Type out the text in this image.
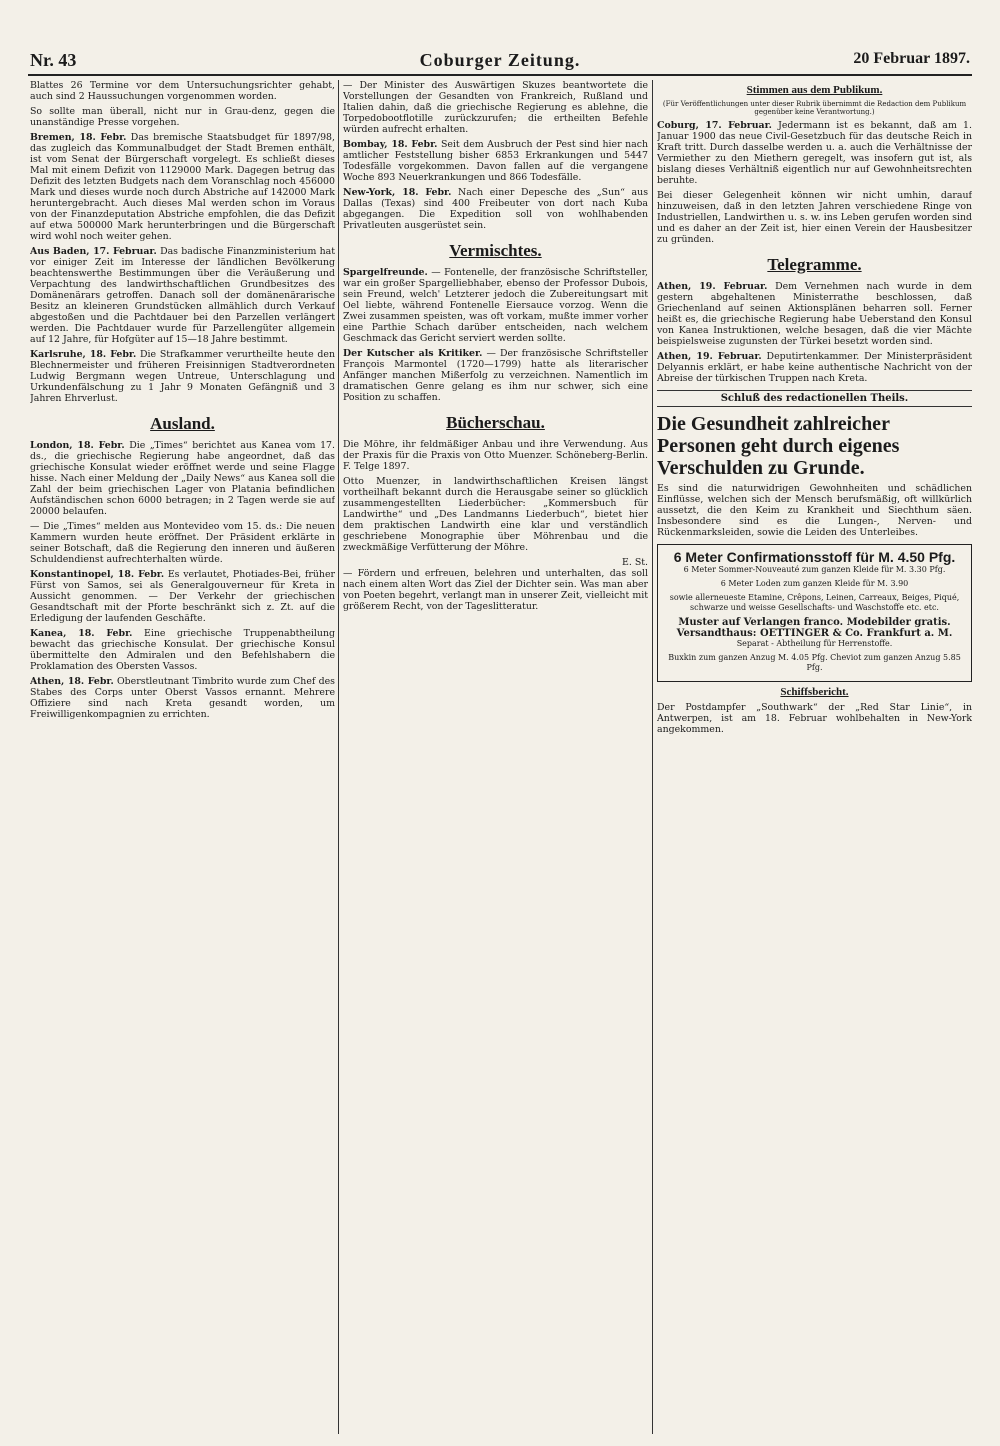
Nr. 43	Coburger Zeitung.	20 Februar 1897.

Blattes 26 Termine vor dem Untersuchungsrichter gehabt, auch sind 2 Haussuchungen vorgenommen worden.

So sollte man überall, nicht nur in Grau-denz, gegen die unanständige Presse vorgehen.

Bremen, 18. Febr. Das bremische Staatsbudget für 1897/98, das zugleich das Kommunalbudget der Stadt Bremen enthält, ist vom Senat der Bürgerschaft vorgelegt. Es schließt dieses Mal mit einem Defizit von 1129000 Mark. Dagegen betrug das Defizit des letzten Budgets nach dem Voranschlag noch 456000 Mark und dieses wurde noch durch Abstriche auf 142000 Mark heruntergebracht. Auch dieses Mal werden schon im Voraus von der Finanzdeputation Abstriche empfohlen, die das Defizit auf etwa 500000 Mark herunterbringen und die Bürgerschaft wird wohl noch weiter gehen.

Aus Baden, 17. Februar. Das badische Finanzministerium hat vor einiger Zeit im Interesse der ländlichen Bevölkerung beachtenswerthe Bestimmungen über die Veräußerung und Verpachtung des landwirthschaftlichen Grundbesitzes des Domänenärars getroffen. Danach soll der domänenärarische Besitz an kleineren Grundstücken allmählich durch Verkauf abgestoßen und die Pachtdauer bei den Parzellen verlängert werden. Die Pachtdauer wurde für Parzellengüter allgemein auf 12 Jahre, für Hofgüter auf 15—18 Jahre bestimmt.

Karlsruhe, 18. Febr. Die Strafkammer verurtheilte heute den Blechnermeister und früheren Freisinnigen Stadtverordneten Ludwig Bergmann wegen Untreue, Unterschlagung und Urkundenfälschung zu 1 Jahr 9 Monaten Gefängniß und 3 Jahren Ehrverlust.

Ausland.

London, 18. Febr. Die „Times“ berichtet aus Kanea vom 17. ds., die griechische Regierung habe angeordnet, daß das griechische Konsulat wieder eröffnet werde und seine Flagge hisse. Nach einer Meldung der „Daily News“ aus Kanea soll die Zahl der beim griechischen Lager von Platania befindlichen Aufständischen schon 6000 betragen; in 2 Tagen werde sie auf 20000 belaufen.

— Die „Times“ melden aus Montevideo vom 15. ds.: Die neuen Kammern wurden heute eröffnet. Der Präsident erklärte in seiner Botschaft, daß die Regierung den inneren und äußeren Schuldendienst aufrechterhalten würde.

Konstantinopel, 18. Febr. Es verlautet, Photiades-Bei, früher Fürst von Samos, sei als Generalgouverneur für Kreta in Aussicht genommen. — Der Verkehr der griechischen Gesandtschaft mit der Pforte beschränkt sich z. Zt. auf die Erledigung der laufenden Geschäfte.

Kanea, 18. Febr. Eine griechische Truppenabtheilung bewacht das griechische Konsulat. Der griechische Konsul übermittelte den Admiralen und den Befehlshabern die Proklamation des Obersten Vassos.

Athen, 18. Febr. Oberstleutnant Timbrito wurde zum Chef des Stabes des Corps unter Oberst Vassos ernannt. Mehrere Offiziere sind nach Kreta gesandt worden, um Freiwilligenkompagnien zu errichten.

— Der Minister des Auswärtigen Skuzes beantwortete die Vorstellungen der Gesandten von Frankreich, Rußland und Italien dahin, daß die griechische Regierung es ablehne, die Torpedobootflotille zurückzurufen; die ertheilten Befehle würden aufrecht erhalten.

Bombay, 18. Febr. Seit dem Ausbruch der Pest sind hier nach amtlicher Feststellung bisher 6853 Erkrankungen und 5447 Todesfälle vorgekommen. Davon fallen auf die vergangene Woche 893 Neuerkrankungen und 866 Todesfälle.

New-York, 18. Febr. Nach einer Depesche des „Sun“ aus Dallas (Texas) sind 400 Freibeuter von dort nach Kuba abgegangen. Die Expedition soll von wohlhabenden Privatleuten ausgerüstet sein.

Vermischtes.

Spargelfreunde. — Fontenelle, der französische Schriftsteller, war ein großer Spargelliebhaber, ebenso der Professor Dubois, sein Freund, welch' Letzterer jedoch die Zubereitungsart mit Oel liebte, während Fontenelle Eiersauce vorzog. Wenn die Zwei zusammen speisten, was oft vorkam, mußte immer vorher eine Parthie Schach darüber entscheiden, nach welchem Geschmack das Gericht serviert werden sollte.

Der Kutscher als Kritiker. — Der französische Schriftsteller François Marmontel (1720—1799) hatte als literarischer Anfänger manchen Mißerfolg zu verzeichnen. Namentlich im dramatischen Genre gelang es ihm nur schwer, sich eine Position zu schaffen.

Bücherschau.

Die Möhre, ihr feldmäßiger Anbau und ihre Verwendung. Aus der Praxis für die Praxis von Otto Muenzer. Schöneberg-Berlin. F. Telge 1897.

Otto Muenzer, in landwirthschaftlichen Kreisen längst vortheilhaft bekannt durch die Herausgabe seiner so glücklich zusammengestellten Liederbücher: „Kommersbuch für Landwirthe“ und „Des Landmanns Liederbuch“, bietet hier dem praktischen Landwirth eine klar und verständlich geschriebene Monographie über Möhrenbau und die zweckmäßige Verfütterung der Möhre.

E. St.

— Fördern und erfreuen, belehren und unterhalten, das soll nach einem alten Wort das Ziel der Dichter sein. Was man aber von Poeten begehrt, verlangt man in unserer Zeit, vielleicht mit größerem Recht, von der Tageslitteratur.

Stimmen aus dem Publikum.
(Für Veröffentlichungen unter dieser Rubrik übernimmt die Redaction dem Publikum gegenüber keine Verantwortung.)

Coburg, 17. Februar. Jedermann ist es bekannt, daß am 1. Januar 1900 das neue Civil-Gesetzbuch für das deutsche Reich in Kraft tritt. Durch dasselbe werden u. a. auch die Verhältnisse der Vermiether zu den Miethern geregelt, was insofern gut ist, als bislang dieses Verhältniß eigentlich nur auf Gewohnheitsrechten beruhte.

Bei dieser Gelegenheit können wir nicht umhin, darauf hinzuweisen, daß in den letzten Jahren verschiedene Ringe von Industriellen, Landwirthen u. s. w. ins Leben gerufen worden sind und es daher an der Zeit ist, hier einen Verein der Hausbesitzer zu gründen.

Telegramme.

Athen, 19. Februar. Dem Vernehmen nach wurde in dem gestern abgehaltenen Ministerrathe beschlossen, daß Griechenland auf seinen Aktionsplänen beharren soll. Ferner heißt es, die griechische Regierung habe Ueberstand den Konsul von Kanea Instruktionen, welche besagen, daß die vier Mächte beispielsweise zugunsten der Türkei besetzt worden sind.

Athen, 19. Februar. Deputirtenkammer. Der Ministerpräsident Delyannis erklärt, er habe keine authentische Nachricht von der Abreise der türkischen Truppen nach Kreta.

Schluß des redactionellen Theils.
Die Gesundheit zahlreicher Personen geht durch eigenes Verschulden zu Grunde.

Es sind die naturwidrigen Gewohnheiten und schädlichen Einflüsse, welchen sich der Mensch berufsmäßig, oft willkürlich aussetzt, die den Keim zu Krankheit und Siechthum säen. Insbesondere sind es die Lungen-, Nerven- und Rückenmarksleiden, sowie die Leiden des Unterleibes.

6 Meter Confirmationsstoff für M. 4.50 Pfg.

6 Meter Sommer-Nouveauté zum ganzen Kleide für M. 3.30 Pfg.

6 Meter Loden zum ganzen Kleide für M. 3.90

sowie allerneueste Etamine, Crêpons, Leinen, Carreaux, Beiges, Piqué, schwarze und weisse Gesellschafts- und Waschstoffe etc. etc.

Muster auf Verlangen franco. Modebilder gratis.
Versandthaus: OETTINGER & Co. Frankfurt a. M.

Separat - Abtheilung für Herrenstoffe.

Buxkin zum ganzen Anzug M. 4.05 Pfg. Cheviot zum ganzen Anzug 5.85 Pfg.

Schiffsbericht.

Der Postdampfer „Southwark“ der „Red Star Linie“, in Antwerpen, ist am 18. Februar wohlbehalten in New-York angekommen.
